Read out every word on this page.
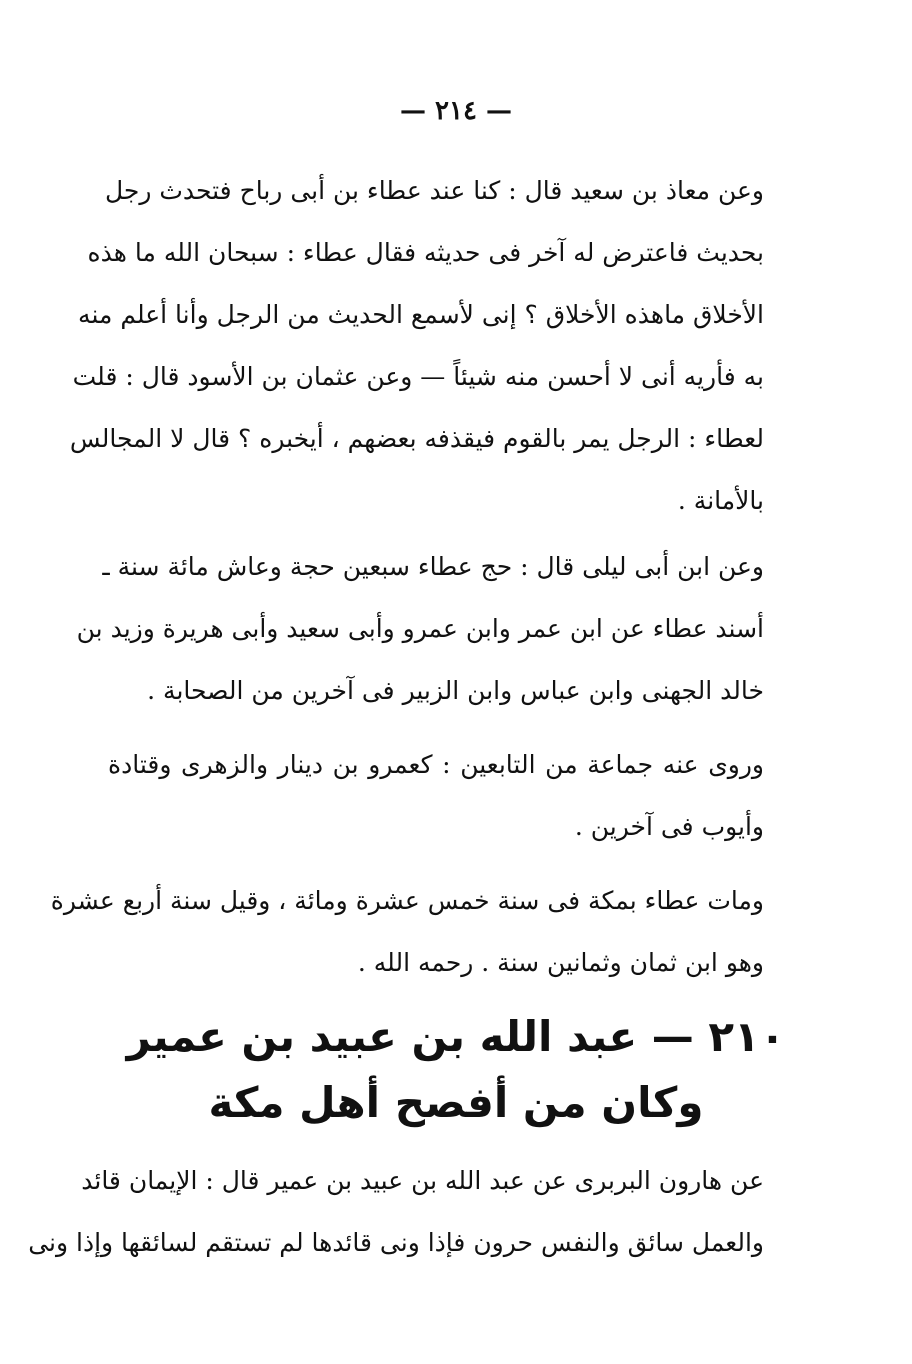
— ٢١٤ —
وعن معاذ بن سعيد قال : كنا عند عطاء بن أبى رباح فتحدث رجل
بحديث فاعترض له آخر فى حديثه فقال عطاء : سبحان الله ما هذه
الأخلاق ماهذه الأخلاق ؟ إنى لأسمع الحديث من الرجل وأنا أعلم منه
به فأريه أنى لا أحسن منه شيئاً — وعن عثمان بن الأسود قال : قلت
لعطاء : الرجل يمر بالقوم فيقذفه بعضهم ، أيخبره ؟ قال لا المجالس
بالأمانة .
وعن ابن أبى ليلى قال : حج عطاء سبعين حجة وعاش مائة سنة ـ
أسند عطاء عن ابن عمر وابن عمرو وأبى سعيد وأبى هريرة وزيد بن
خالد الجهنى وابن عباس وابن الزبير فى آخرين من الصحابة .
وروى عنه جماعة من التابعين : كعمرو بن دينار والزهرى وقتادة
وأيوب فى آخرين .
ومات عطاء بمكة فى سنة خمس عشرة ومائة ، وقيل سنة أربع عشرة
وهو ابن ثمان وثمانين سنة . رحمه الله .
٢١٠ — عبد الله بن عبيد بن عمير
وكان من أفصح أهل مكة
عن هارون البربرى عن عبد الله بن عبيد بن عمير قال : الإيمان قائد
والعمل سائق والنفس حرون فإذا ونى قائدها لم تستقم لسائقها وإذا ونى
